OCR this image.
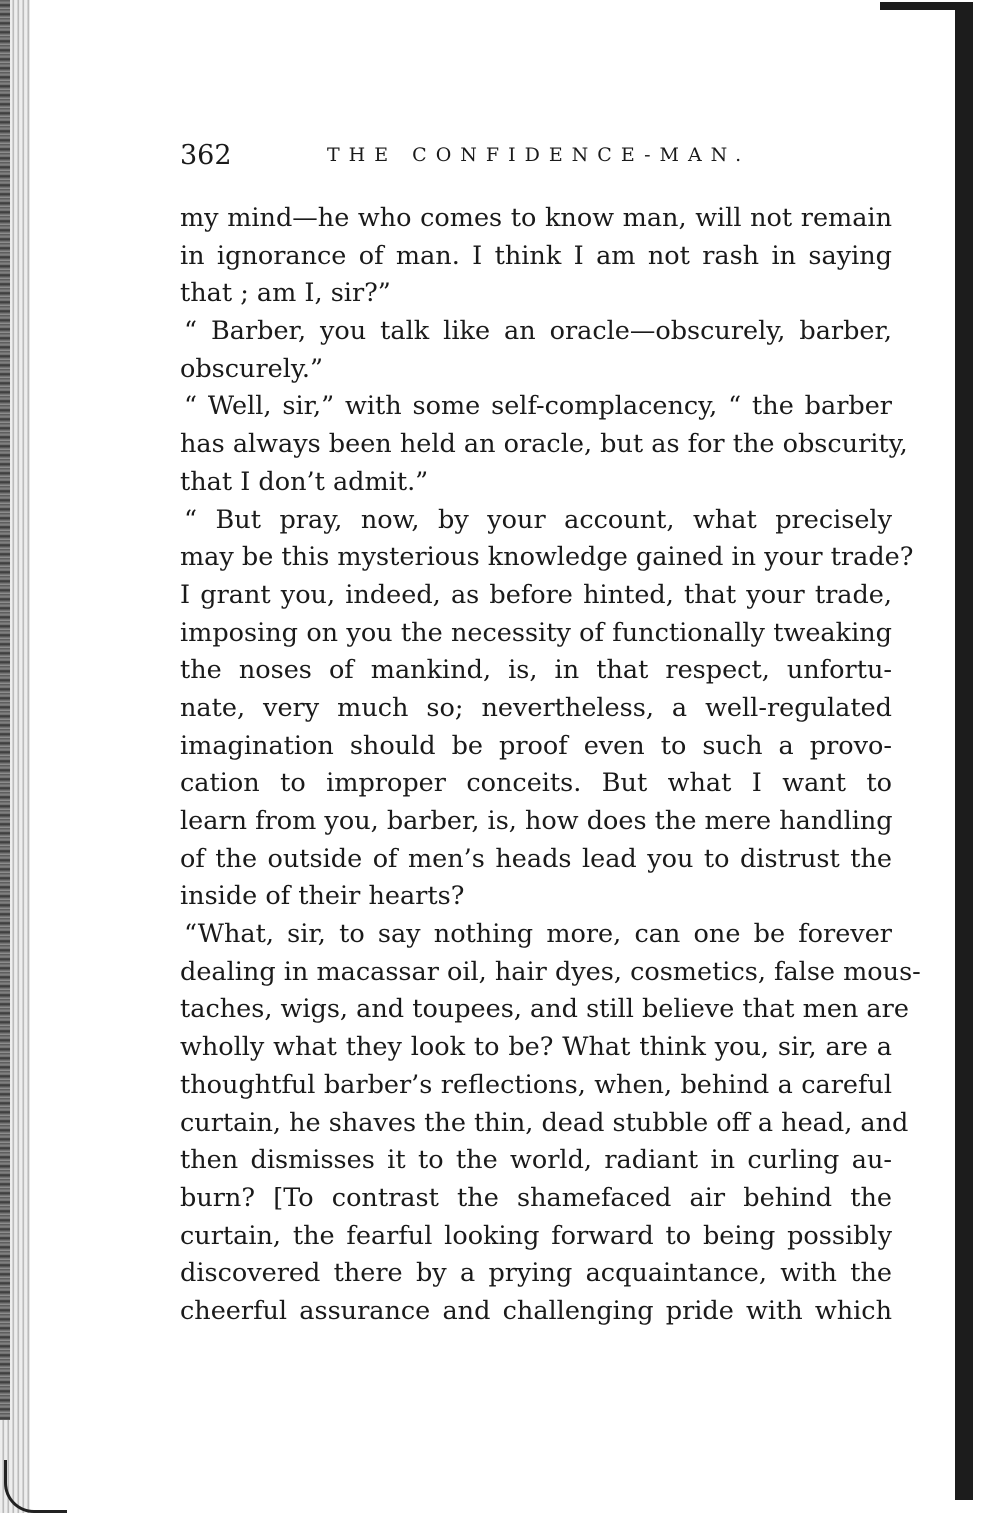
362	THE CONFIDENCE-MAN.
my mind—he who comes to know man, will not remain
in ignorance of man. I think I am not rash in saying
that ; am I, sir?”
“ Barber, you talk like an oracle—obscurely, barber,
obscurely.”
“ Well, sir,” with some self-complacency, “ the barber
has always been held an oracle, but as for the obscurity,
that I don’t admit.”
“ But pray, now, by your account, what precisely
may be this mysterious knowledge gained in your trade?
I grant you, indeed, as before hinted, that your trade,
imposing on you the necessity of functionally tweaking
the noses of mankind, is, in that respect, unfortu-
nate, very much so; nevertheless, a well-regulated
imagination should be proof even to such a provo-
cation to improper conceits. But what I want to
learn from you, barber, is, how does the mere handling
of the outside of men’s heads lead you to distrust the
inside of their hearts?
“What, sir, to say nothing more, can one be forever
dealing in macassar oil, hair dyes, cosmetics, false mous-
taches, wigs, and toupees, and still believe that men are
wholly what they look to be? What think you, sir, are a
thoughtful barber’s reflections, when, behind a careful
curtain, he shaves the thin, dead stubble off a head, and
then dismisses it to the world, radiant in curling au-
burn? [To contrast the shamefaced air behind the
curtain, the fearful looking forward to being possibly
discovered there by a prying acquaintance, with the
cheerful assurance and challenging pride with which
